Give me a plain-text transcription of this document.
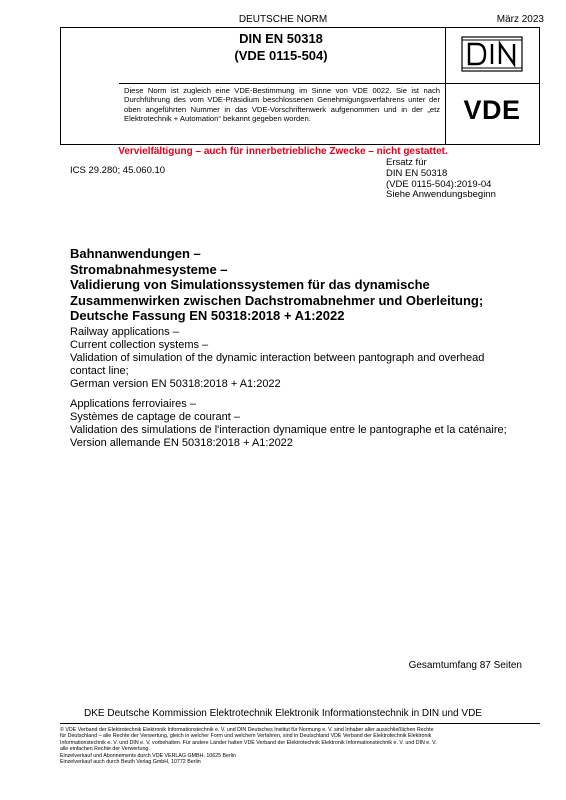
DEUTSCHE NORM	März 2023
DIN EN 50318
(VDE 0115-504)
VDE
Diese Norm ist zugleich eine VDE-Bestimmung im Sinne von VDE 0022. Sie ist nach Durchführung des vom VDE-Präsidium beschlossenen Genehmigungsverfahrens unter der oben angeführten Nummer in das VDE-Vorschriftenwerk aufgenommen und in der „etz Elektrotechnik + Automation“ bekannt gegeben worden.
Vervielfältigung – auch für innerbetriebliche Zwecke – nicht gestattet.
ICS 29.280; 45.060.10
Ersatz für
DIN EN 50318
(VDE 0115-504):2019-04
Siehe Anwendungsbeginn
Bahnanwendungen –
Stromabnahmesysteme –
Validierung von Simulationssystemen für das dynamische
Zusammenwirken zwischen Dachstromabnehmer und Oberleitung;
Deutsche Fassung EN 50318:2018 + A1:2022
Railway applications –
Current collection systems –
Validation of simulation of the dynamic interaction between pantograph and overhead
contact line;
German version EN 50318:2018 + A1:2022
Applications ferroviaires –
Systèmes de captage de courant –
Validation des simulations de l'interaction dynamique entre le pantographe et la caténaire;
Version allemande EN 50318:2018 + A1:2022
Gesamtumfang 87 Seiten
DKE Deutsche Kommission Elektrotechnik Elektronik Informationstechnik in DIN und VDE
© VDE Verband der Elektrotechnik Elektronik Informationstechnik e. V. und DIN Deutsches Institut für Normung e. V. sind Inhaber aller ausschließlichen Rechte
für Deutschland – alle Rechte der Verwertung, gleich in welcher Form und welchem Verfahren, sind in Deutschland VDE Verband der Elektrotechnik Elektronik
Informationstechnik e. V. und DIN e. V. vorbehalten. Für andere Länder halten VDE Verband der Elektrotechnik Elektronik Informationstechnik e. V. und DIN e. V.
alle einfachen Rechte der Verwertung.
Einzelverkauf und Abonnements durch VDE VERLAG GMBH, 10625 Berlin
Einzelverkauf auch durch Beuth Verlag GmbH, 10772 Berlin
